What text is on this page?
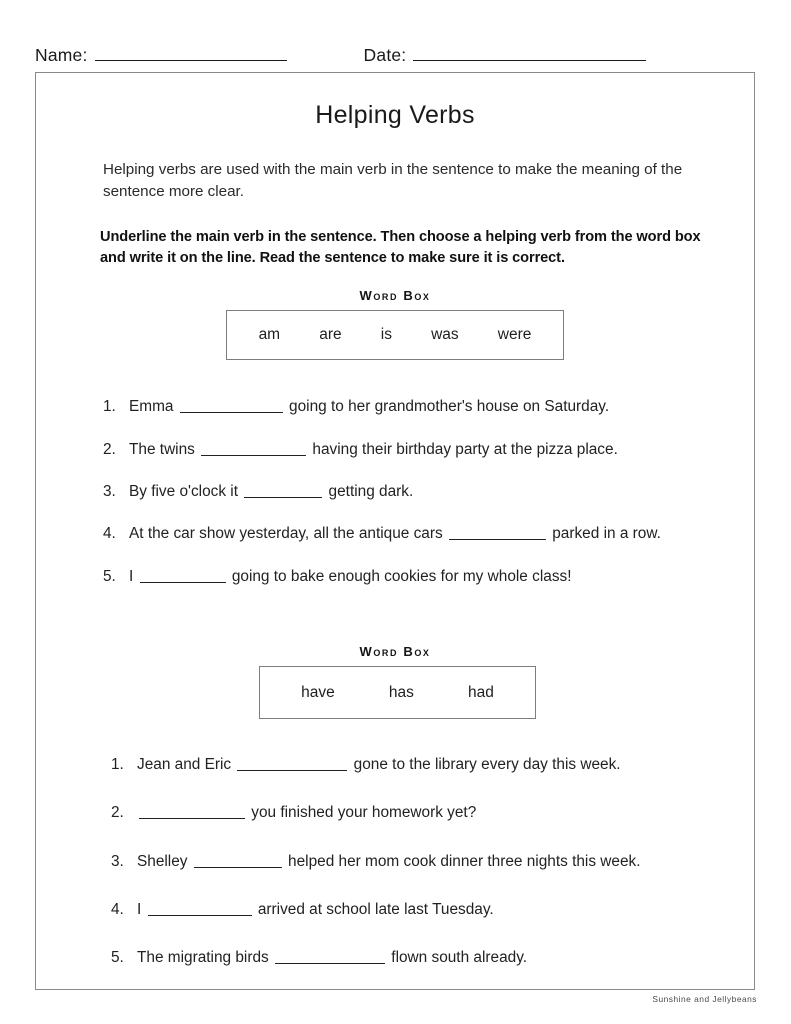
Name:	Date:
Helping Verbs

Helping verbs are used with the main verb in the sentence to make the meaning of the sentence more clear.

Underline the main verb in the sentence. Then choose a helping verb from the word box and write it on the line. Read the sentence to make sure it is correct.

Word Box
am	are	is	was	were
1. Emma	going to her grandmother's house on Saturday.
2. The twins	having their birthday party at the pizza place.
3. By five o'clock it	getting dark.
4. At the car show yesterday, all the antique cars	parked in a row.
5. I	going to bake enough cookies for my whole class!
Word Box
have	has	had
1. Jean and Eric	gone to the library every day this week.
2.	you finished your homework yet?
3. Shelley	helped her mom cook dinner three nights this week.
4. I	arrived at school late last Tuesday.
5. The migrating birds	flown south already.
Sunshine and Jellybeans
